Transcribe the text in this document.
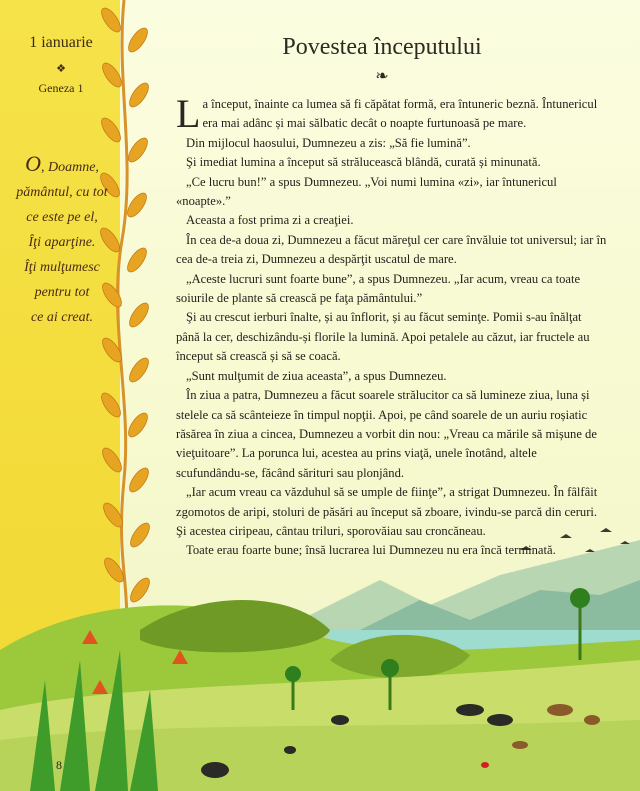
1 ianuarie
❖
Geneza 1
O, Doamne,
pământul, cu tot
ce este pe el,
Îţi aparţine.
Îţi mulţumesc
pentru tot
ce ai creat.
Povestea începutului
❧

La început, înainte ca lumea să fi căpătat formă, era întuneric beznă. Întunericul era mai adânc și mai sălbatic decât o noapte furtunoasă pe mare.

Din mijlocul haosului, Dumnezeu a zis: „Să fie lumină”.

Şi imediat lumina a început să strălucească blândă, curată și minunată.

„Ce lucru bun!” a spus Dumnezeu. „Voi numi lumina «zi», iar întunericul «noapte».”

Aceasta a fost prima zi a creaţiei.

În cea de-a doua zi, Dumnezeu a făcut măreţul cer care învăluie tot universul; iar în cea de-a treia zi, Dumnezeu a despărţit uscatul de mare.

„Aceste lucruri sunt foarte bune”, a spus Dumnezeu. „Iar acum, vreau ca toate soiurile de plante să crească pe faţa pământului.”

Şi au crescut ierburi înalte, și au înflorit, și au făcut seminţe. Pomii s-au înălţat până la cer, deschizându-și florile la lumină. Apoi petalele au căzut, iar fructele au început să crească și să se coacă.

„Sunt mulţumit de ziua aceasta”, a spus Dumnezeu.

În ziua a patra, Dumnezeu a făcut soarele strălucitor ca să lumineze ziua, luna și stelele ca să scânteieze în timpul nopţii. Apoi, pe când soarele de un auriu roșiatic răsărea în ziua a cincea, Dumnezeu a vorbit din nou: „Vreau ca mările să mișune de vieţuitoare”. La porunca lui, acestea au prins viaţă, unele înotând, altele scufundându-se, făcând sărituri sau plonjând.

„Iar acum vreau ca văzduhul să se umple de fiinţe”, a strigat Dumnezeu. În fâlfâit zgomotos de aripi, stoluri de păsări au început să zboare, ivindu-se parcă din ceruri. Şi acestea ciripeau, cântau triluri, sporovăiau sau croncăneau.

Toate erau foarte bune; însă lucrarea lui Dumnezeu nu era încă terminată.

8
